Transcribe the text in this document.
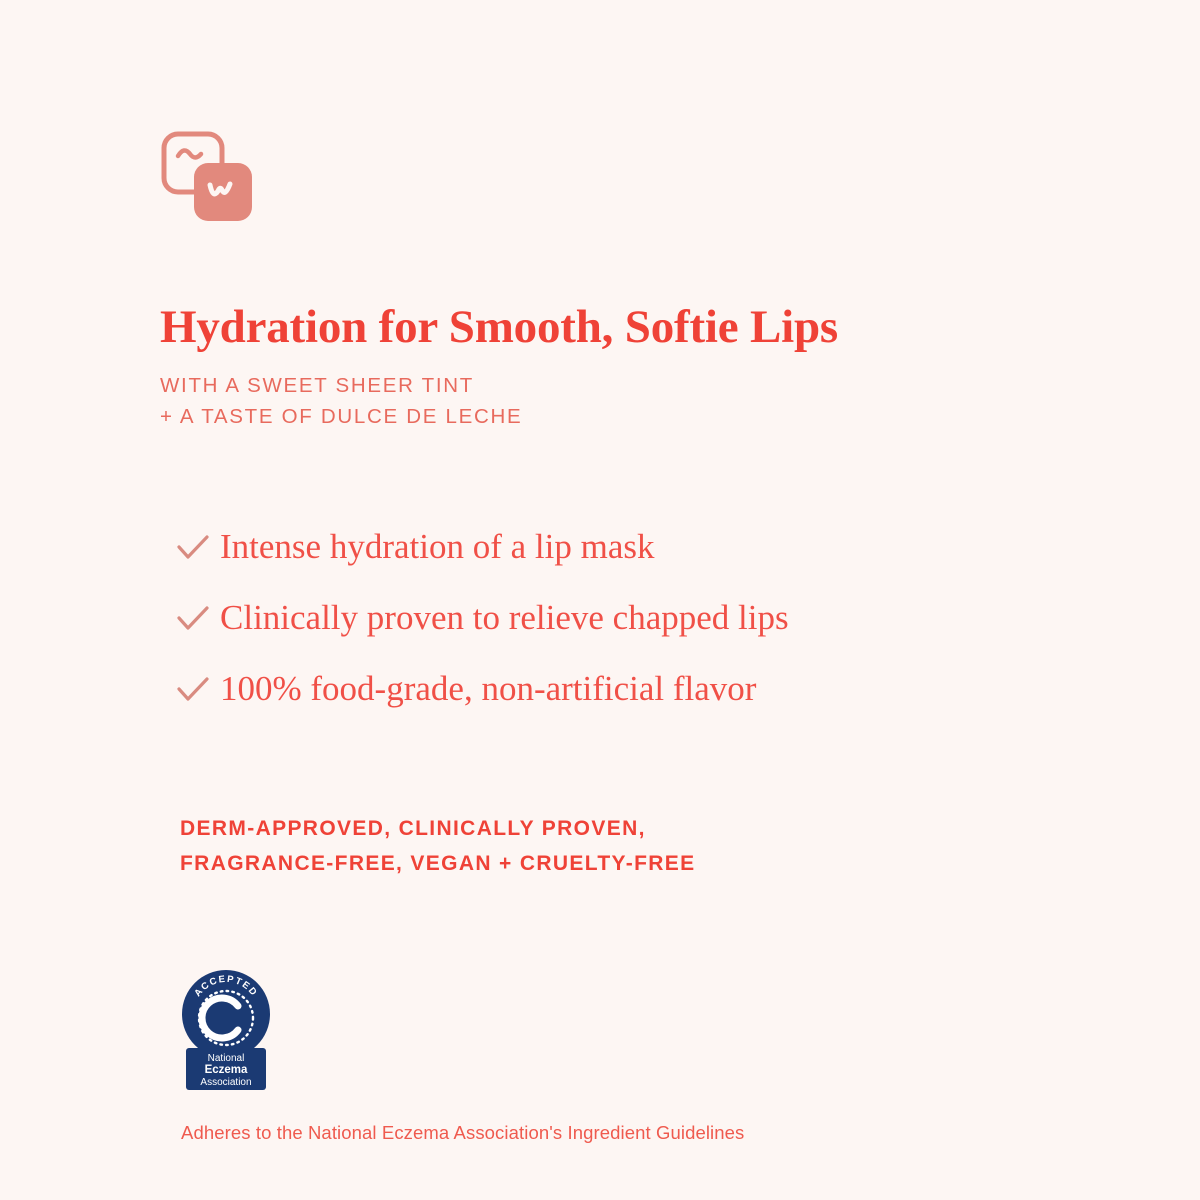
Hydration for Smooth, Softie Lips
WITH A SWEET SHEER TINT
+ A TASTE OF DULCE DE LECHE
Intense hydration of a lip mask
Clinically proven to relieve chapped lips
100% food-grade, non-artificial flavor
DERM-APPROVED, CLINICALLY PROVEN,
FRAGRANCE-FREE, VEGAN + CRUELTY-FREE
ACCEPTED
National
Eczema
Association
Adheres to the National Eczema Association's Ingredient Guidelines
